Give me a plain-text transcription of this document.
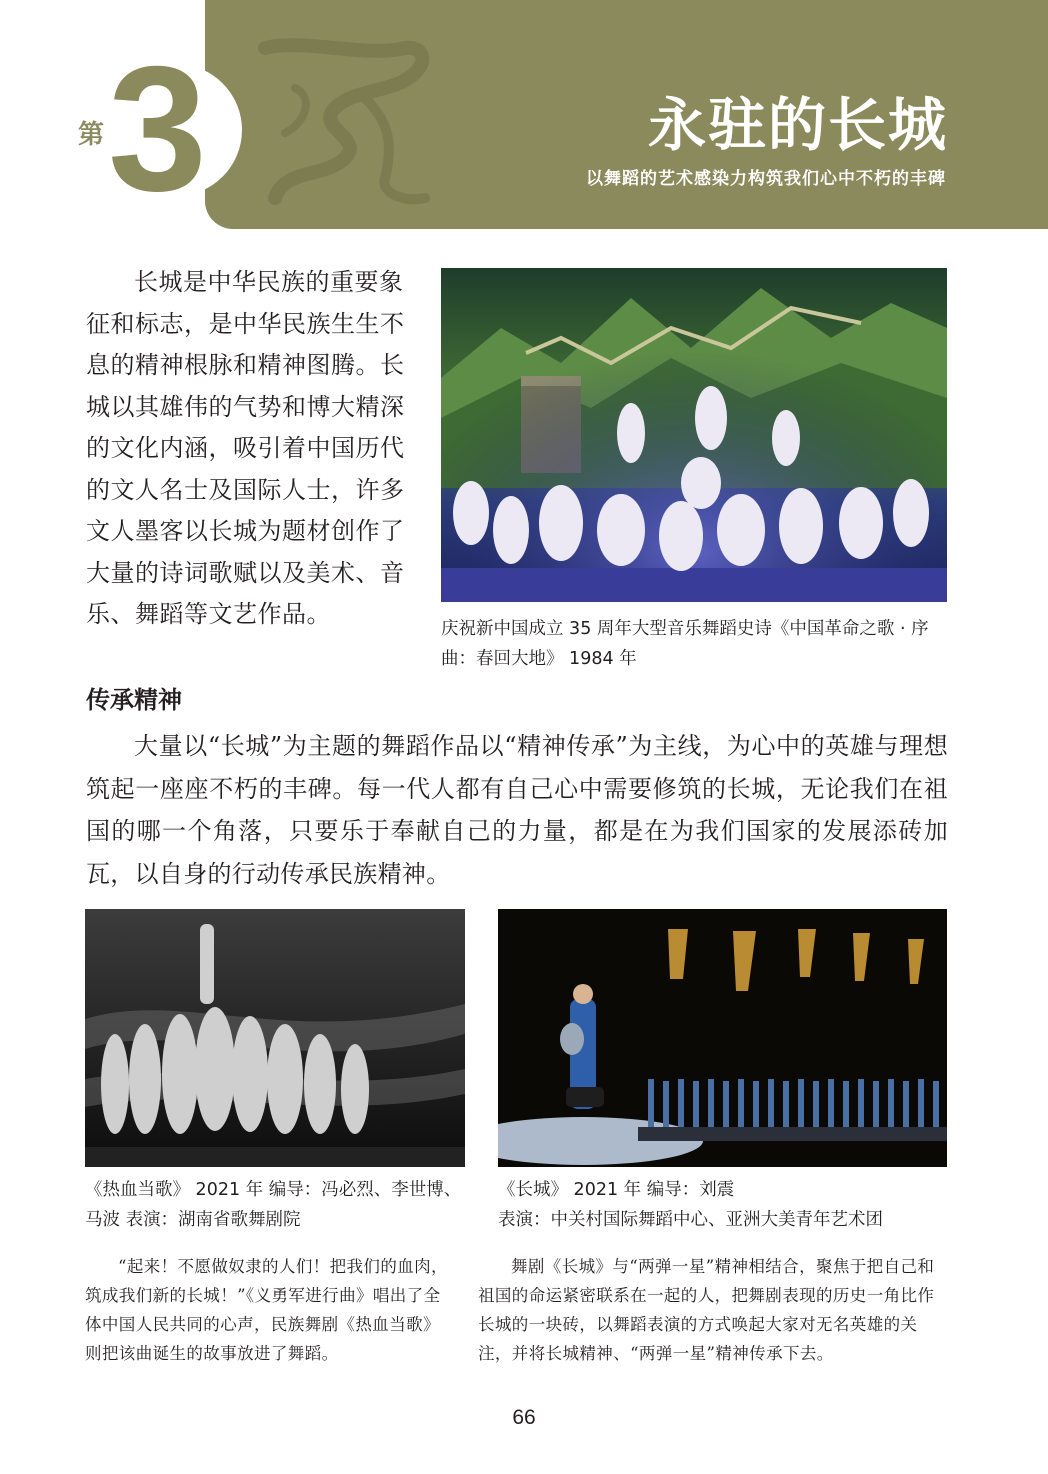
永驻的长城
以舞蹈的艺术感染力构筑我们心中不朽的丰碑
3
第	课

长城是中华民族的重要象征和标志，是中华民族生生不息的精神根脉和精神图腾。长城以其雄伟的气势和博大精深的文化内涵，吸引着中国历代的文人名士及国际人士，许多文人墨客以长城为题材创作了大量的诗词歌赋以及美术、音乐、舞蹈等文艺作品。

庆祝新中国成立 35 周年大型音乐舞蹈史诗《中国革命之歌 · 序曲：春回大地》 1984 年

传承精神

大量以“长城”为主题的舞蹈作品以“精神传承”为主线，为心中的英雄与理想筑起一座座不朽的丰碑。每一代人都有自己心中需要修筑的长城，无论我们在祖国的哪一个角落，只要乐于奉献自己的力量，都是在为我们国家的发展添砖加瓦，以自身的行动传承民族精神。

《热血当歌》 2021 年 编导：冯必烈、李世博、马波 表演：湖南省歌舞剧院

“起来！不愿做奴隶的人们！把我们的血肉，筑成我们新的长城！”《义勇军进行曲》唱出了全体中国人民共同的心声，民族舞剧《热血当歌》则把该曲诞生的故事放进了舞蹈。

《长城》 2021 年 编导：刘震

表演：中关村国际舞蹈中心、亚洲大美青年艺术团

舞剧《长城》与“两弹一星”精神相结合，聚焦于把自己和祖国的命运紧密联系在一起的人，把舞剧表现的历史一角比作长城的一块砖，以舞蹈表演的方式唤起大家对无名英雄的关注，并将长城精神、“两弹一星”精神传承下去。

66
